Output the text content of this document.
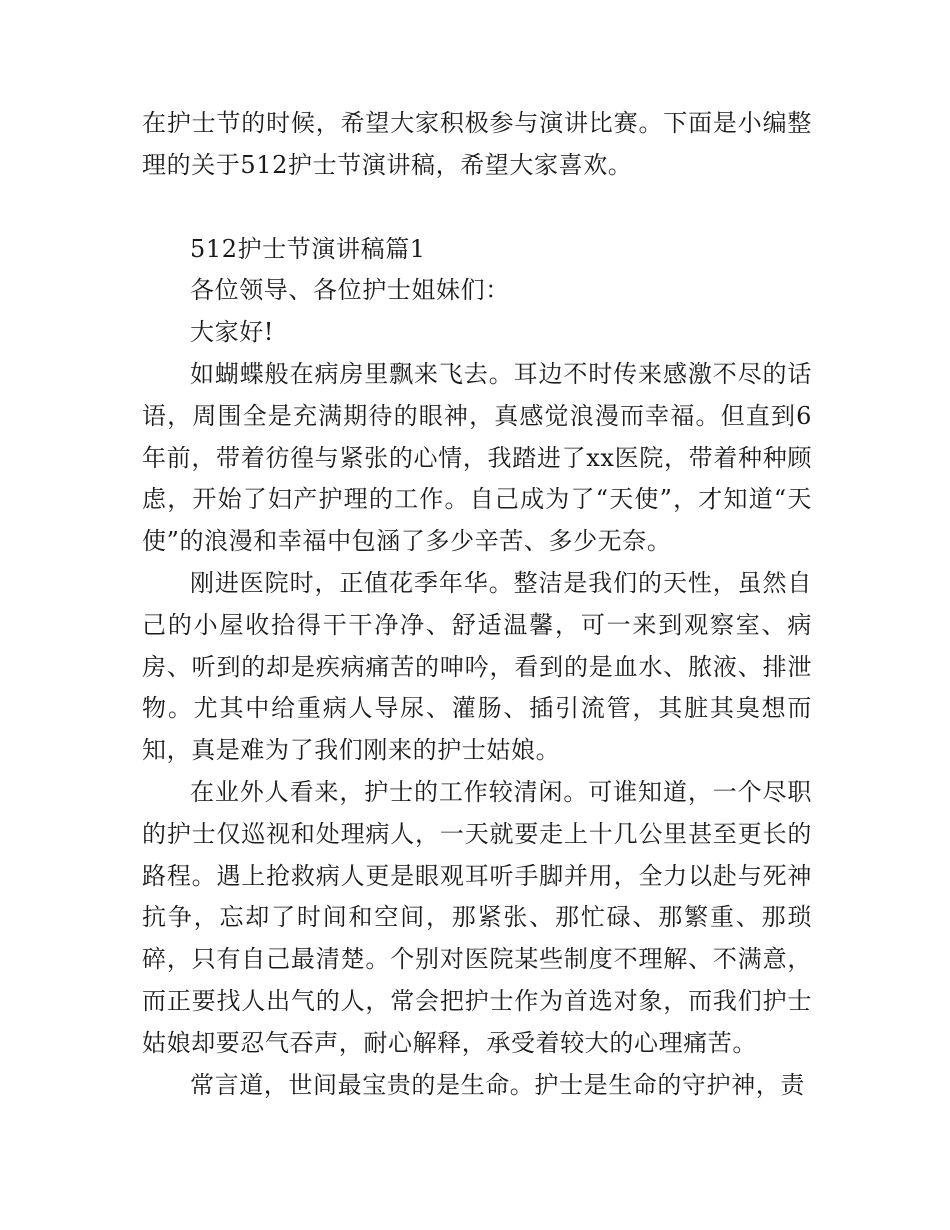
在护士节的时候，希望大家积极参与演讲比赛。下面是小编整理的关于512护士节演讲稿，希望大家喜欢。

512护士节演讲稿篇1

各位领导、各位护士姐妹们：

大家好!

如蝴蝶般在病房里飘来飞去。耳边不时传来感激不尽的话语，周围全是充满期待的眼神，真感觉浪漫而幸福。但直到6年前，带着彷徨与紧张的心情，我踏进了xx医院，带着种种顾虑，开始了妇产护理的工作。自己成为了“天使”，才知道“天使”的浪漫和幸福中包涵了多少辛苦、多少无奈。

刚进医院时，正值花季年华。整洁是我们的天性，虽然自己的小屋收拾得干干净净、舒适温馨，可一来到观察室、病房、听到的却是疾病痛苦的呻吟，看到的是血水、脓液、排泄物。尤其中给重病人导尿、灌肠、插引流管，其脏其臭想而知，真是难为了我们刚来的护士姑娘。

在业外人看来，护士的工作较清闲。可谁知道，一个尽职的护士仅巡视和处理病人，一天就要走上十几公里甚至更长的路程。遇上抢救病人更是眼观耳听手脚并用，全力以赴与死神抗争，忘却了时间和空间，那紧张、那忙碌、那繁重、那琐碎，只有自己最清楚。个别对医院某些制度不理解、不满意，而正要找人出气的人，常会把护士作为首选对象，而我们护士姑娘却要忍气吞声，耐心解释，承受着较大的心理痛苦。

常言道，世间最宝贵的是生命。护士是生命的守护神，责
